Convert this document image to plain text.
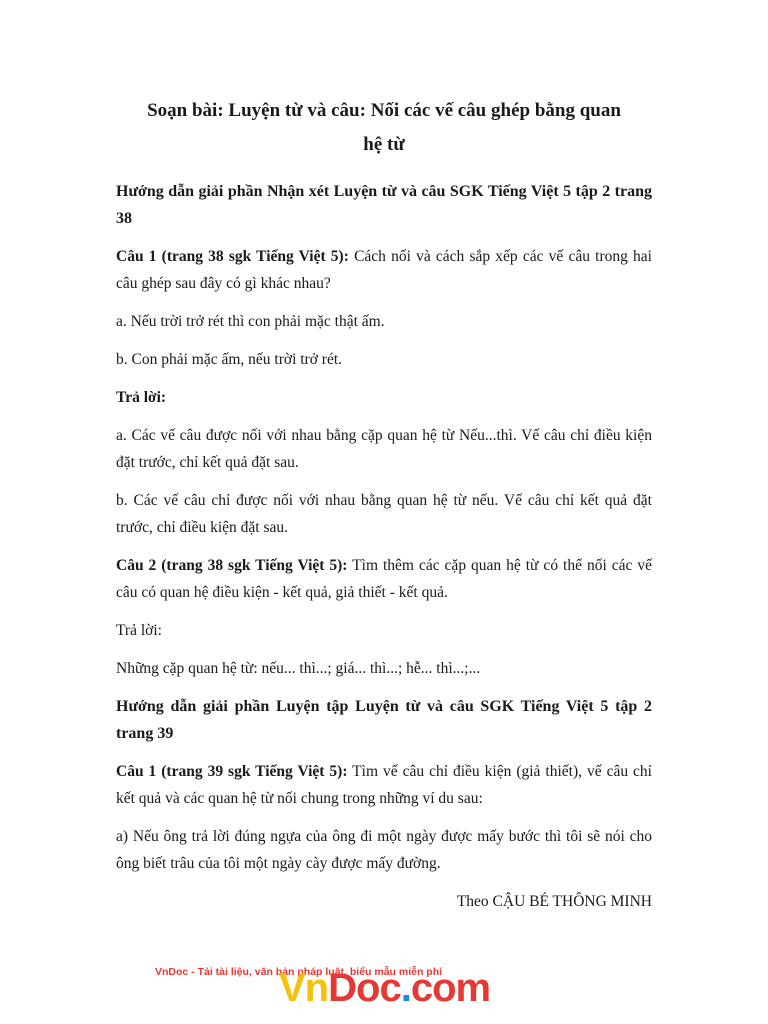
Soạn bài: Luyện từ và câu: Nối các vế câu ghép bằng quan
hệ từ
Hướng dẫn giải phần Nhận xét Luyện từ và câu SGK Tiếng Việt 5 tập 2 trang 38

Câu 1 (trang 38 sgk Tiếng Việt 5): Cách nối và cách sắp xếp các vế câu trong hai câu ghép sau đây có gì khác nhau?

a. Nếu trời trở rét thì con phải mặc thật ấm.

b. Con phải mặc ấm, nếu trời trở rét.

Trả lời:

a. Các vế câu được nối với nhau bằng cặp quan hệ từ Nếu...thì. Vế câu chỉ điều kiện đặt trước, chỉ kết quả đặt sau.

b. Các vế câu chỉ được nối với nhau bằng quan hệ từ nếu. Vế câu chỉ kết quả đặt trước, chỉ điều kiện đặt sau.

Câu 2 (trang 38 sgk Tiếng Việt 5): Tìm thêm các cặp quan hệ từ có thể nối các vế câu có quan hệ điều kiện - kết quả, giả thiết - kết quả.

Trả lời:

Những cặp quan hệ từ: nếu... thì...; giá... thì...; hễ... thì...;...

Hướng dẫn giải phần Luyện tập Luyện từ và câu SGK Tiếng Việt 5 tập 2 trang 39

Câu 1 (trang 39 sgk Tiếng Việt 5): Tìm vế câu chỉ điều kiện (giả thiết), vế câu chỉ kết quả và các quan hệ từ nối chung trong những ví du sau:

a) Nếu ông trả lời đúng ngựa của ông đi một ngày được mấy bước thì tôi sẽ nói cho ông biết trâu của tôi một ngày cày được mấy đường.

Theo CẬU BÉ THÔNG MINH

VnDoc - Tải tài liệu, văn bản pháp luật, biểu mẫu miễn phí
VnDoc.com
